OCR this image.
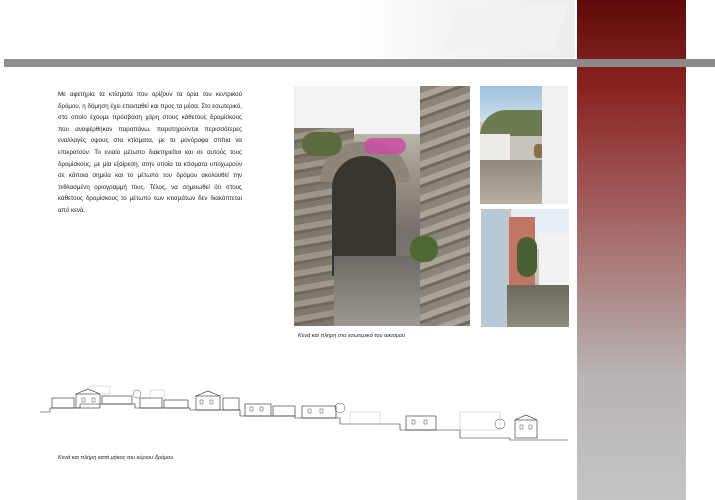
Με αφετηρία τα κτίσματα που ορίζουν τα όρια του κεντρικού δρόμου, η δόμηση έχει επεκταθεί και προς τα μέσα. Στο εσωτερικό, στο οποίο έχουμε πρόσβαση χάρη στους κάθετους δρομίσκους που αναφέρθηκαν παραπάνω, παρατηρούνται περισσότερες εναλλαγές ύψους στα κτίσματα, με τα μονόροφα σπίτια να επικρατούν. Το ενιαίο μέτωπο διακτηρείται και σε αυτούς τους δρομίσκους, με μία εξαίρεση, στην οποία τα κτίσματα υποχωρούν σε κάποια σημεία και το μέτωπο του δρόμου ακολουθεί την τεθλασμένη οριογραμμή τους. Τέλος, να σημειωθεί ότι στους κάθετους δρομίσκους το μέτωπο των κτισμάτων δεν διακόπτεται από κενά.

Κενά και πλήρη στο εσωτερικό του οικισμού

Κενά και πλήρη κατά μήκος του κύριου δρόμου
